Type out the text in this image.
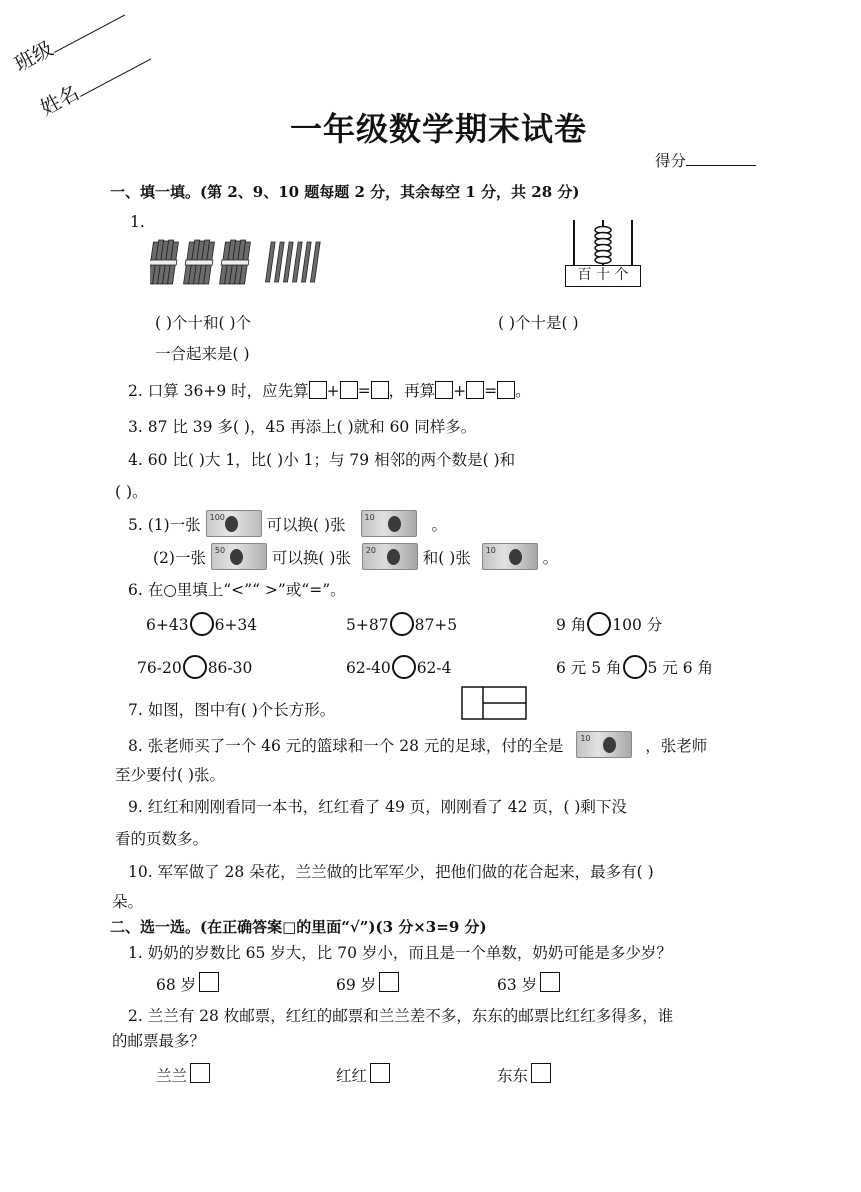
班级
姓名
一年级数学期末试卷
得分
一、填一填。(第 2、9、10 题每题 2 分，其余每空 1 分，共 28 分)
1.
百 十 个
( )个十和( )个	( )个十是( )
一合起来是( )
2. 口算 36+9 时，应先算 + = ，再算 + = 。
3. 87 比 39 多( )，45 再添上( )就和 60 同样多。
4. 60 比( )大 1，比( )小 1；与 79 相邻的两个数是( )和
( )。
5. (1)一张 100	可以换( )张 10	。
(2)一张 50	可以换( )张 20	和( )张 10	。
6. 在○里填上“<”“ >”或“=”。
6+43 6+34	5+87 87+5	9 角 100 分
76-20 86-30	62-40 62-4	6 元 5 角 5 元 6 角
7. 如图，图中有( )个长方形。
8. 张老师买了一个 46 元的篮球和一个 28 元的足球，付的全是 10	，张老师
至少要付( )张。
9. 红红和刚刚看同一本书，红红看了 49 页，刚刚看了 42 页，( )剩下没
看的页数多。
10. 军军做了 28 朵花，兰兰做的比军军少，把他们做的花合起来，最多有( )
朵。
二、选一选。(在正确答案□的里面“√”)(3 分×3=9 分)
1. 奶奶的岁数比 65 岁大，比 70 岁小，而且是一个单数，奶奶可能是多少岁？
68 岁	69 岁	63 岁
2. 兰兰有 28 枚邮票，红红的邮票和兰兰差不多，东东的邮票比红红多得多，谁
的邮票最多？
兰兰	红红	东东
